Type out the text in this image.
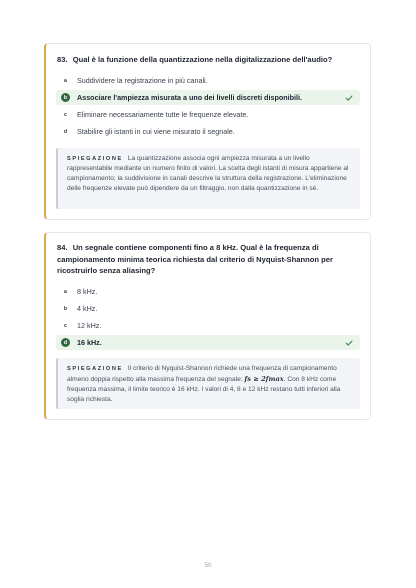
83. Qual è la funzione della quantizzazione nella digitalizzazione dell'audio?
a	Suddividere la registrazione in più canali.
b	Associare l'ampiezza misurata a uno dei livelli discreti disponibili.
c	Eliminare necessariamente tutte le frequenze elevate.
d	Stabilire gli istanti in cui viene misurato il segnale.
SPIEGAZIONE La quantizzazione associa ogni ampiezza misurata a un livello rappresentabile mediante un numero finito di valori. La scelta degli istanti di misura appartiene al campionamento; la suddivisione in canali descrive la struttura della registrazione. L'eliminazione delle frequenze elevate può dipendere da un filtraggio, non dalla quantizzazione in sé.
84. Un segnale contiene componenti fino a 8 kHz. Qual è la frequenza di campionamento minima teorica richiesta dal criterio di Nyquist-Shannon per ricostruirlo senza aliasing?
a	8 kHz.
b	4 kHz.
c	12 kHz.
d	16 kHz.
SPIEGAZIONE Il criterio di Nyquist-Shannon richiede una frequenza di campionamento almeno doppia rispetto alla massima frequenza del segnale: fs ≥ 2fmax. Con 8 kHz come frequenza massima, il limite teorico è 16 kHz. I valori di 4, 8 e 12 kHz restano tutti inferiori alla soglia richiesta.
50
